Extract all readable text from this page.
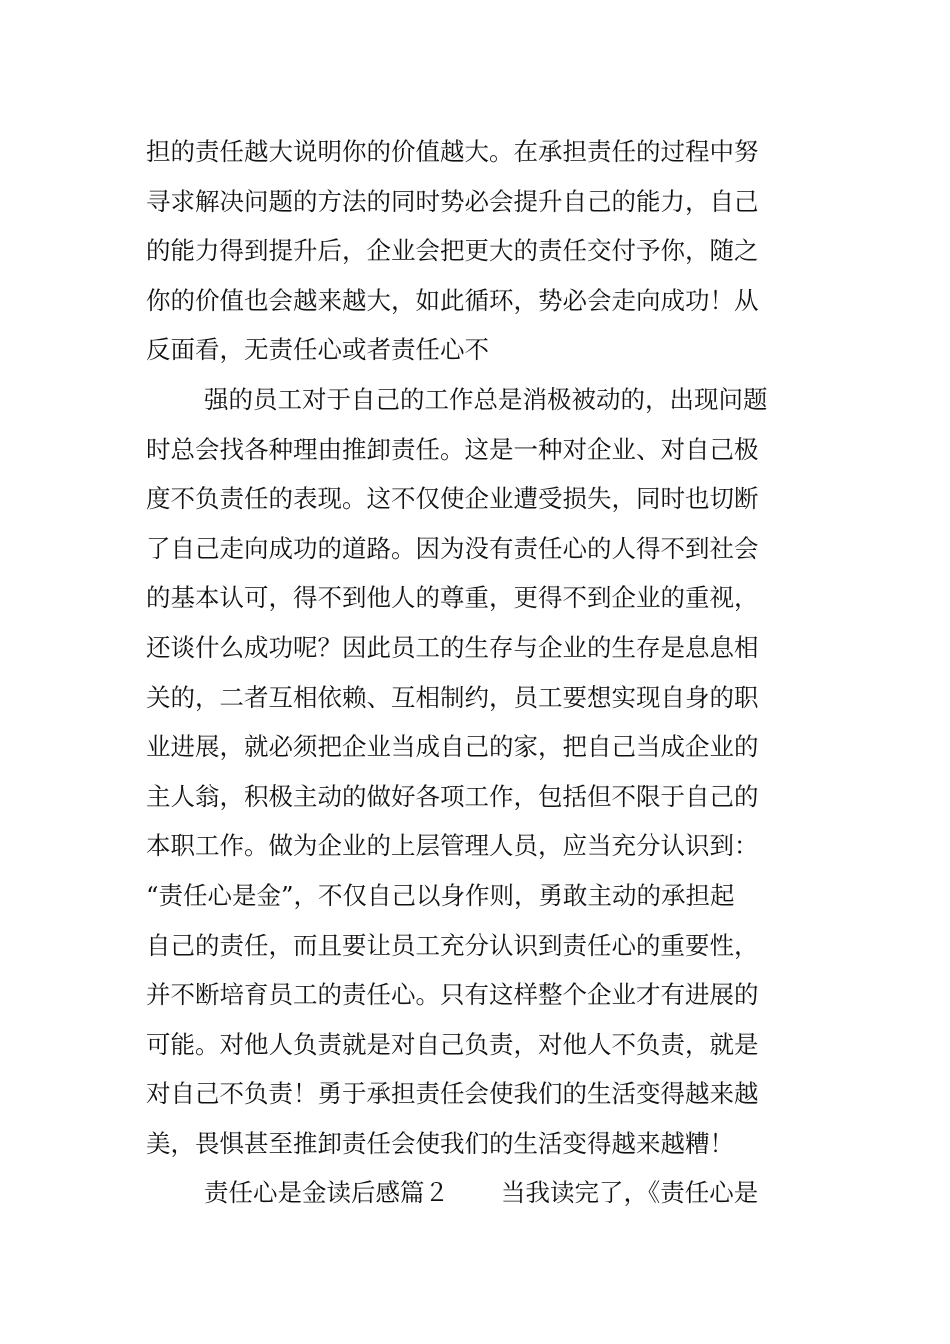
担的责任越大说明你的价值越大。在承担责任的过程中努
寻求解决问题的方法的同时势必会提升自己的能力，自己
的能力得到提升后，企业会把更大的责任交付予你，随之
你的价值也会越来越大，如此循环，势必会走向成功！从
反面看，无责任心或者责任心不
强的员工对于自己的工作总是消极被动的，出现问题
时总会找各种理由推卸责任。这是一种对企业、对自己极
度不负责任的表现。这不仅使企业遭受损失，同时也切断
了自己走向成功的道路。因为没有责任心的人得不到社会
的基本认可，得不到他人的尊重，更得不到企业的重视，
还谈什么成功呢？因此员工的生存与企业的生存是息息相
关的，二者互相依赖、互相制约，员工要想实现自身的职
业进展，就必须把企业当成自己的家，把自己当成企业的
主人翁，积极主动的做好各项工作，包括但不限于自己的
本职工作。做为企业的上层管理人员，应当充分认识到：
“责任心是金”，不仅自己以身作则，勇敢主动的承担起
自己的责任，而且要让员工充分认识到责任心的重要性，
并不断培育员工的责任心。只有这样整个企业才有进展的
可能。对他人负责就是对自己负责，对他人不负责，就是
对自己不负责！勇于承担责任会使我们的生活变得越来越
美，畏惧甚至推卸责任会使我们的生活变得越来越糟！
责任心是金读后感篇２ 当我读完了，《责任心是
